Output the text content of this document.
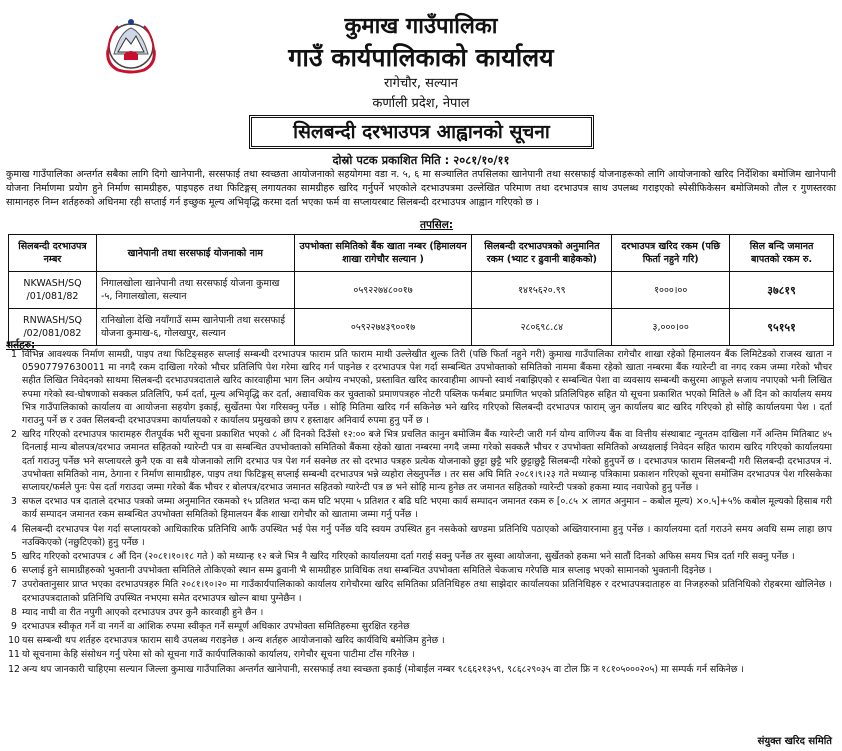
कुमाख गाउँपालिका
गाउँ कार्यपालिकाको कार्यालय
रागेचौर, सल्यान
कर्णाली प्रदेश, नेपाल
सिलबन्दी दरभाउपत्र आह्वानको सूचना
दोस्रो पटक प्रकाशित मिति : २०८१/१०/११
कुमाख गाउँपालिका अन्तर्गत सबैका लागि दिगो खानेपानी, सरसफाई तथा स्वच्छता आयोजनाको सहयोगमा वडा न. ५, ६ मा सञ्चालित तपसिलका खानेपानी तथा सरसफाई योजनाहरूको लागि आयोजनाको खरिद निर्देशिका बमोजिम खानेपानी योजना निर्माणमा प्रयोग हुने निर्माण सामग्रीहरु, पाइपहरु तथा फिटिङ्गस् लगायतका सामग्रीहरु खरिद गर्नुपर्ने भएकोले दरभाउपत्रमा उल्लेखित परिमाण तथा दरभाउपत्र साथ उपलब्ध गराइएको स्पेसीफिकेसन बमोजिमको तौल र गुणस्तरका सामानहरु निम्न शर्तहरुको अधिनमा रही सप्ताई गर्न इच्छुक मूल्य अभिवृद्धि करमा दर्ता भएका फर्म वा सप्लायरबाट सिलबन्दी दरभाउपत्र आह्वान गरिएको छ ।
तपसिल:
सिलबन्दी दरभाउपत्र नम्बर	खानेपानी तथा सरसफाई योजनाको नाम	उपभोक्ता समितिको बैंक खाता नम्बर (हिमालयन शाखा रागेचौर सल्यान )	सिलबन्दी दरभाउपत्रको अनुमानित रकम (भ्याट र ढुवानी बाहेकको)	दरभाउपत्र खरिद रकम (पछि फिर्ता नहुने गरि)	सिल बन्दि जमानत बापतको रकम रु.
NKWASH/SQ /01/081/82	निगालखोला खानेपानी तथा सरसफाई योजना कुमाख -५, निगालखोला, सल्यान	०५९२२७४८००१७	१४१५६२०.९९	१०००।००	३७८१९
RNWASH/SQ /02/081/082	रानिखोला देखि नयाँगाउँ सम्म खानेपानी तथा सरसफाई योजना कुमाख-६, गोलखपुर, सल्यान	०५९२२७४३९००१७	२८०६९८.८४	३,०००।००	९५१५१
शर्तहरु:
1 विभिन्न आवश्यक निर्माण सामग्री, पाइप तथा फिटिङ्सहरु सप्लाई सम्बन्धी दरभाउपत्र फाराम प्रति फाराम माथी उल्लेखीत शुल्क तिरी (पछि फिर्ता नहुने गरी) कुमाख गाउँपालिका रागेचौर शाखा रहेको हिमालयन बैंक लिमिटेडको राजस्व खाता न 05907797630011 मा नगदै रकम दाखिला गरेको भौचर प्रतिलिपि पेश गरेमा खरिद गर्न पाइनेछ र दरभाउपत्र पेश गर्दा सम्बन्धित उपभोक्ताको समितिको नाममा बैंकमा रहेको खाता नम्बरमा बैंक ग्यारेन्टी वा नगद रकम जम्मा गरेको भौचर सहीत लिखित निवेदनको साथमा सिलबन्दी दरभाउपत्रदाताले खरिद कारवाहीमा भाग लिन अयोग्य नभएको, प्रस्तावित खरिद कारवाहीमा आफ्नो स्वार्थ नबाझिएको र सम्बन्धित पेशा वा व्यवसाय सम्बन्धी कसुरमा आफूले सजाय नपाएको भनी लिखित रुपमा गरेको स्व-घोषणाको सक्कल प्रतिलिपि, फर्म दर्ता, मूल्य अभिवृद्धि कर दर्ता, अद्यावधिक कर चुक्ताको प्रमाणपत्रहरु नोटरी पब्लिक फर्मबाट प्रमाणित भएको प्रतिलिपिहरु सहित यो सूचना प्रकाशित भएको मितिले ७ औं दिन को कार्यालय समय भित्र गाउँपालिकाको कार्यालय वा आयोजना सहयोग इकाई, सुर्खेतमा पेश गरिसक्नु पर्नेछ । सोहि मितिमा खरिद गर्न सकिनेछ भने खरिद गरिएको सिलबन्दी दरभाउपत्र फाराम् जुन कार्यालय बाट खरिद गरिएको हो सोहि कार्यालयमा पेश । दर्ता गराउनु पर्ने छ र उक्त सिलबन्दी दरभाउपत्रमा कार्यालयको र कार्यालय प्रमुखको छाप र हस्ताक्षर अनिवार्य रुपमा हुनु पर्ने छ ।
2 खरिद गरिएको दरभाउपत्र फारामहरु रीतपूर्वक भरी सूचना प्रकाशित भएको ८ औं दिनको दिउँसो १२:०० बजे भित्र प्रचलित कानुन बमोजिम बैंक ग्यारेन्टी जारी गर्न योग्य वाणिज्य बैंक वा वित्तीय संस्थाबाट न्यूनतम दाखिला गर्ने अन्तिम मितिबाट ४५ दिनलाई मान्य बोलपत्र/दरभाउ जमानत सहितको ग्यारेन्टी पत्र वा सम्बन्धित उपभोक्ताको समितिको बैंकमा रहेको खाता नम्बरमा नगदै जम्मा गरेको सक्कलै भौचर र उपभोक्ता समितिको अध्यक्षलाई निवेदन सहित फाराम खरिद गरिएको कार्यालयमा दर्ता गराउनु पर्नेछ भने सप्लायरले कुनै एक वा सबै योजनाको लागि दरभाउ पत्र पेश गर्न सक्नेछ तर सो दरभाउ पत्रहरु प्रत्येक योजनाको छुट्टा छुट्टै भरि छुट्टाछुट्टै सिलबन्दी गरेको हुनुपर्ने छ । दरभाउपत्र फाराम सिलबन्दी गरी सिलबन्दी दरभाउपत्र नं. उपभोक्ता समितिको नाम, ठेगाना र निर्माण सामाग्रीहरु, पाइप तथा फिटिङ्गस् सप्लाई सम्बन्धी दरभाउपत्र भन्ने व्यहोरा लेख्नुपर्नेछ । तर सस अघि मिति २०८१।९।२३ गते मध्यान्ह पत्रिकामा प्रकाशन गरिएको सूचना समोजिम दरभाउपत्र पेश गरिसकेका सप्लायर/फर्मले पुनः पेस दर्ता गराउदा जम्मा गरेको बैंक भौचर र बोलपत्र/दरभाउ जमानत सहितको ग्यारेन्टी पत्र छ भने सोहि मान्य हुनेछ तर जमानत सहितको ग्यारेन्टी पत्रको हकमा म्याद नवापेको हुनु पर्नेछ ।
3 सफल दरभाउ पत्र दाताले दरभाउ पत्रको जम्मा अनुमानित रकमको १५ प्रतिशत भन्दा कम घटि भएमा ५ प्रतिशत र बढि घटि भएमा कार्य सम्पादन जमानत रकम रु [०.८५ × लागत अनुमान – कबोल मूल्य) ×०.५]+५% कबोल मूल्यको हिसाब गरी कार्य सम्पादन जमानत रकम सम्बन्धित उपभोक्ता समितिको हिमालयन बैंक शाखा रागेचौर को खातामा जम्मा गर्नु पर्नेछ ।
4 सिलबन्दी दरभाउपत्र पेश गर्दा सप्लायरको आधिकारिक प्रतिनिधि आफैं उपस्थित भई पेस गर्नु पर्नेछ यदि स्वयम उपस्थित हुन नसकेको खण्डमा प्रतिनिधि पठाएको अख्तियारनामा हुनु पर्नेछ । कार्यालयमा दर्ता गराउने समय अवधि सम्म लाहा छाप नउक्किएको (नछुटिएको) हुनु पर्नेछ ।
5 खरिद गरिएको दरभाउपत्र ८ औं दिन (२०८१।१०।१८ गते ) को मध्यान्ह १२ बजे भित्र नै खरिद गरिएको कार्यालयमा दर्ता गराई सक्नु पर्नेछ तर सुस्वा आयोजना, सुर्खेतको हकमा भने सातौं दिनको अफिस समय भित्र दर्ता गरि सक्नु पर्नेछ ।
6 सप्लाई हुने सामाग्रीहरुको भुक्तानी उपभोक्ता समितिले तोकिएको स्थान सम्म ढुवानी भै सामग्रीहरु प्राविधिक तथा सम्बन्धित उपभोक्ता समितिले चेकजाच गरेपछि मात्र सप्लाइ भएको सामानको भुक्तानी दिइनेछ ।
7 उपरोक्तानुसार प्राप्त भएका दरभाउपत्रहरु मिति २०८१।१०।२० मा गाउँकार्यपालिकाको कार्यालय रागेचौरमा खरिद समितिका प्रतिनिधिहरु तथा साझेदार कार्यालयका प्रतिनिधिहरु र दरभाउपत्रदाताहरु वा निजहरुको प्रतिनिधिको रोहबरमा खोलिनेछ । दरभाउपत्रदाताको प्रतिनिधि उपस्थित नभएमा समेत दरभाउपत्र खोल्न बाधा पुग्नेछैन ।
8 म्याद नाघी वा रीत नपुगी आएको दरभाउपत्र उपर कुनै कारवाही हुने छैन ।
9 दरभाउपत्र स्वीकृत गर्ने वा नगर्ने वा आंशिक रुपमा स्वीकृत गर्ने सम्पूर्ण अधिकार उपभोक्ता समितिहरुमा सुरक्षित रहनेछ
10 यस सम्बन्धी थप शर्तहरु दरभाउपत्र फाराम साथै उपलब्ध गराइनेछ । अन्य शर्तहरु आयोजनाको खरिद कार्यविधि बमोजिम हुनेछ ।
11 यो सूचनामा केहि संसोधन गर्नु परेमा सो को सूचना गाउँ कार्यपालिकाको कार्यालय, रागेचौर सूचना पाटीमा टाँस गरिनेछ ।
12 अन्य थप जानकारी चाहिएमा सल्यान जिल्ला कुमाख गाउँपालिका अन्तर्गत खानेपानी, सरसफाई तथा स्वच्छता इकाई (मोबाईल नम्बर ९८६६२१३५९, ९८६८२९०३५ वा टोल फ्रि न १८१०५०००२०५) मा सम्पर्क गर्न सकिनेछ ।
संयुक्त खरिद समिति
